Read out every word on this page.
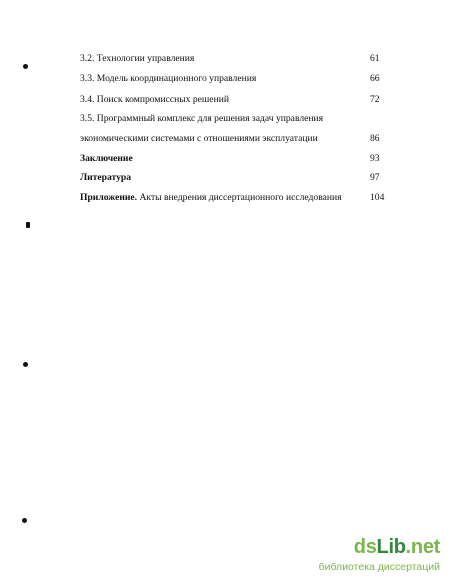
3.2. Технологии управления	61
3.3. Модель координационного управления	66
3.4. Поиск компромиссных решений	72
3.5. Программный комплекс для решения задач управления
экономическими системами с отношениями эксплуатации	86
Заключение	93
Литература	97
Приложение. Акты внедрения диссертационного исследования	104
dsLib.net
библиотека диссертаций
